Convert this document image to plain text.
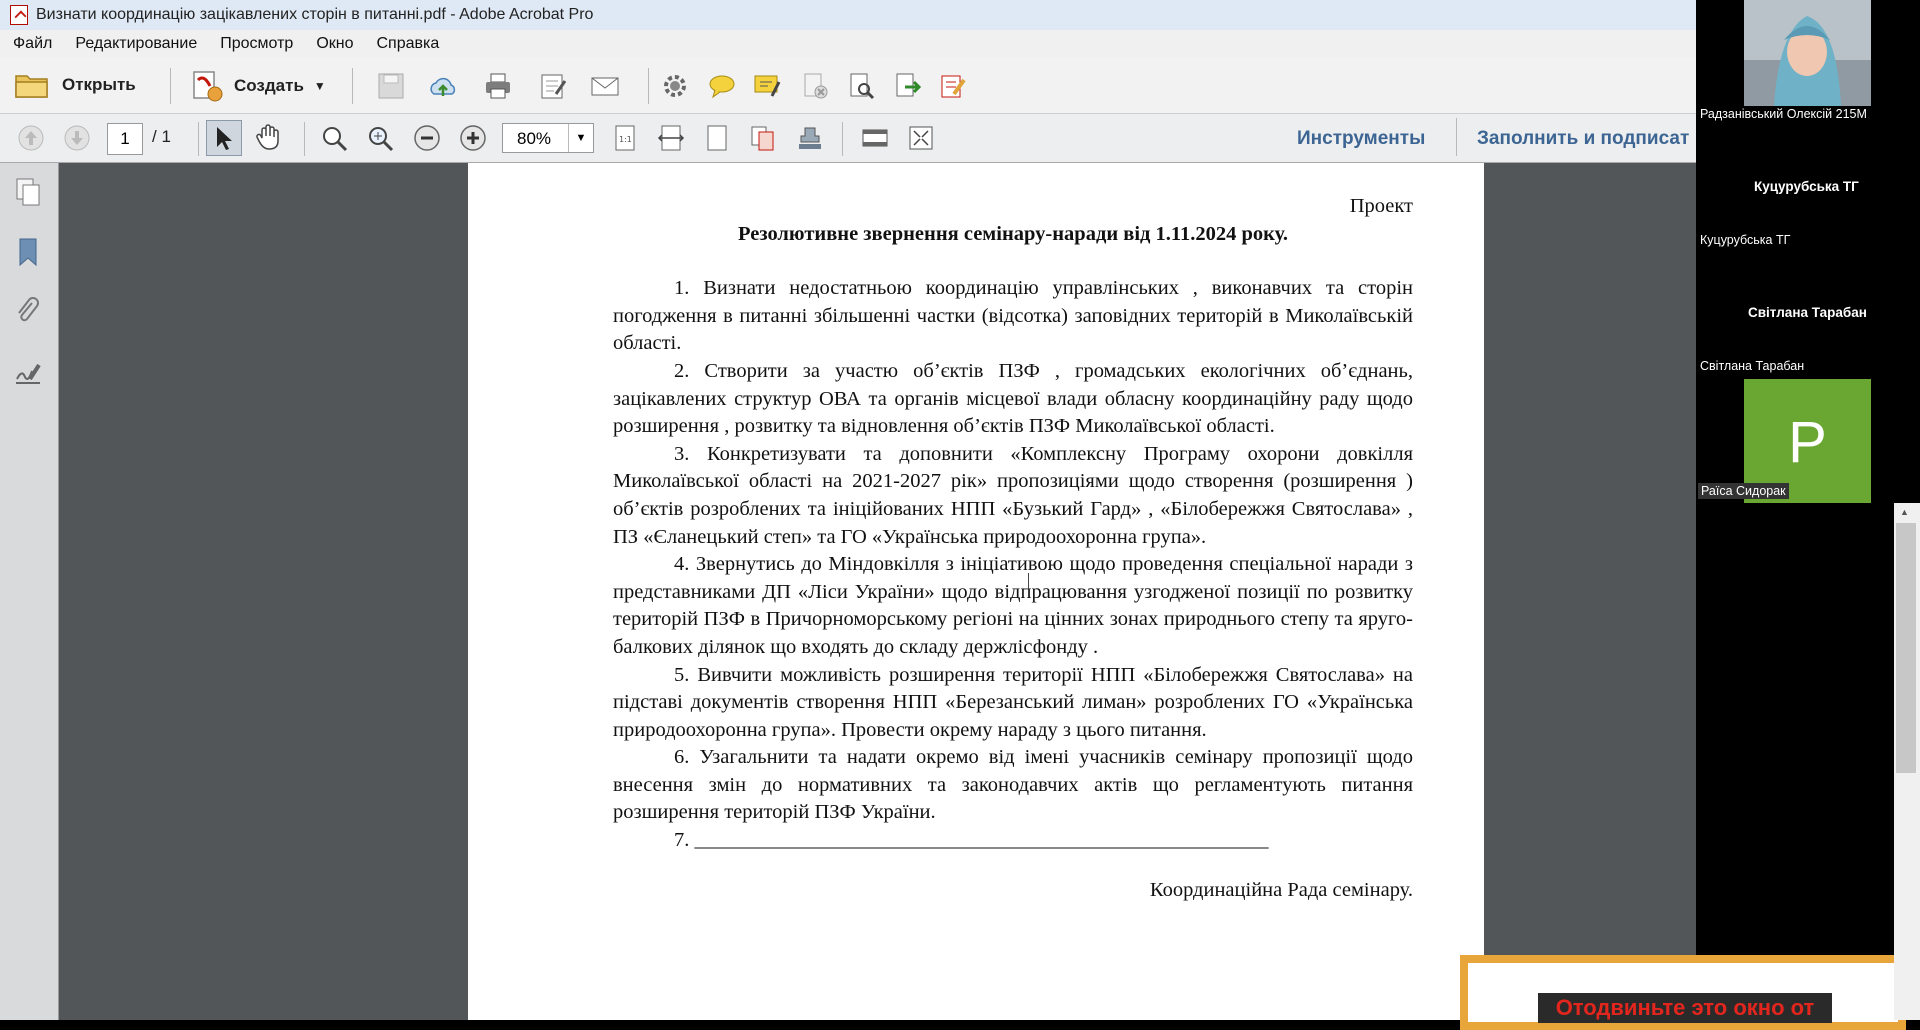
Визнати координацію зацікавлених сторін в питанні.pdf - Adobe Acrobat Pro
Файл	Редактирование	Просмотр	Окно	Справка
Открыть	Создать ▼
1	/ 1	80%	▼	1:1	Инструменты	Заполнить и подписат
Проект
Резолютивне звернення семінару-наради від 1.11.2024 року.

1. Визнати недостатньою координацію управлінських , виконавчих та сторін погодження в питанні збільшенні частки (відсотка) заповідних територій в Миколаївській області.

2. Створити за участю об’єктів ПЗФ , громадських екологічних об’єднань, зацікавлених структур ОВА та органів місцевої влади обласну координаційну раду щодо розширення , розвитку та відновлення об’єктів ПЗФ Миколаївської області.

3. Конкретизувати та доповнити «Комплексну Програму охорони довкілля Миколаївської області на 2021-2027 рік» пропозиціями щодо створення (розширення ) об’єктів розроблених та ініційованих НПП «Бузький Гард» , «Білобережжя Святослава» , ПЗ «Єланецький степ» та ГО «Українська природоохоронна група».

4. Звернутись до Міндовкілля з ініціативою щодо проведення спеціальної наради з представниками ДП «Ліси України» щодо відпрацювання узгодженої позиції по розвитку територій ПЗФ в Причорноморському регіоні на цінних зонах природнього степу та яруго-балкових ділянок що входять до складу держлісфонду .

5. Вивчити можливість розширення території НПП «Білобережжя Святослава» на підставі документів створення НПП «Березанський лиман» розроблених ГО «Українська природоохоронна група». Провести окрему нараду з цього питання.

6. Узагальнити та надати окремо від імені учасників семінару пропозиції щодо внесення змін до нормативних та законодавчих актів що регламентують питання розширення територій ПЗФ України.

7. ________________________________________________________

Координаційна Рада семінару.
Отодвиньте это окно от
Радзанівський Олексій 215М
Куцурубська ТГ
Куцурубська ТГ
Світлана Тарабан
Світлана Тарабан
Р
Раїса Сидорак
▲
